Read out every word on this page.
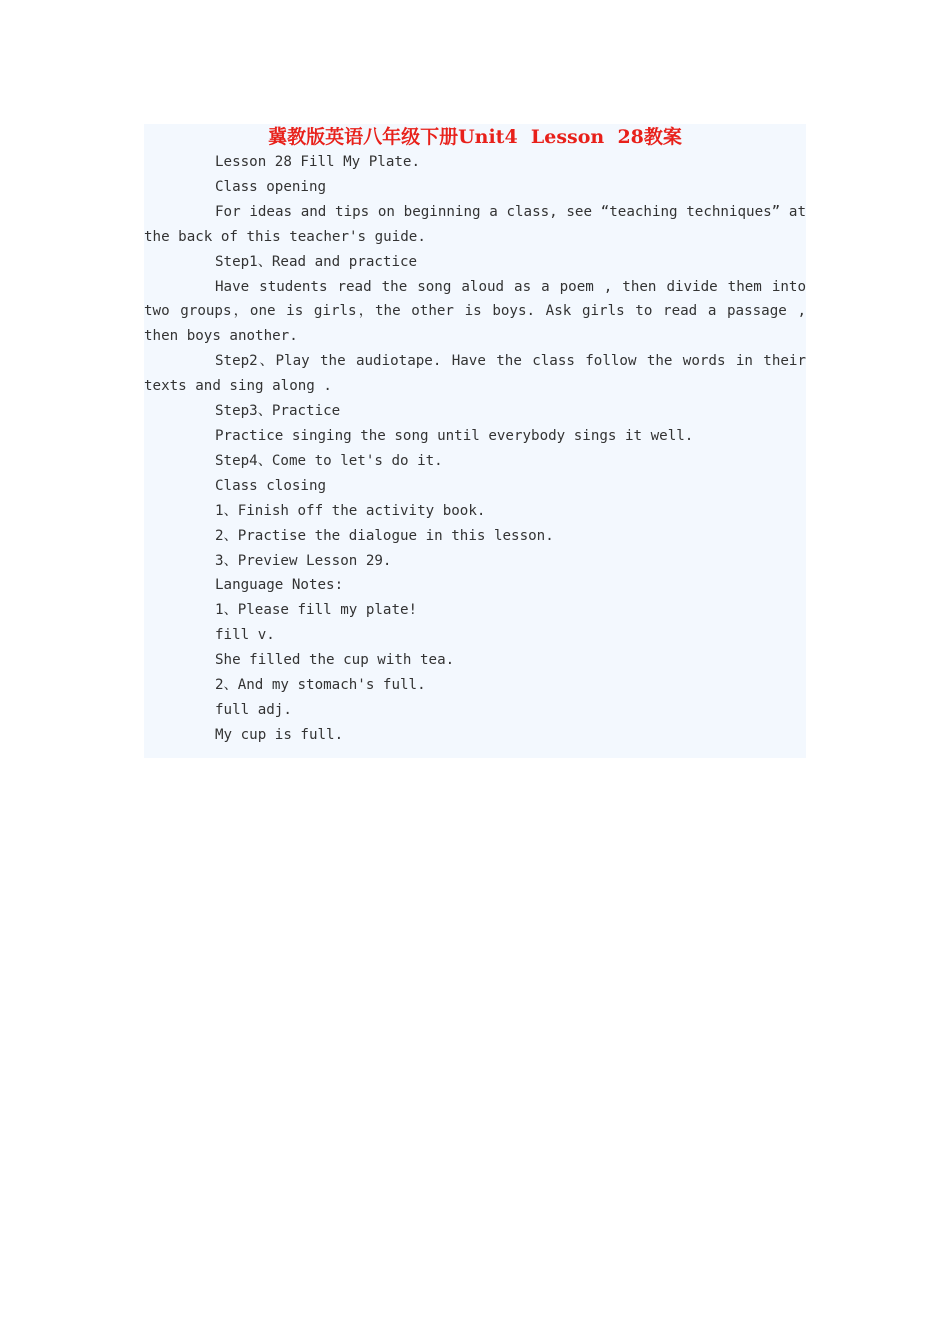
冀教版英语八年级下册Unit4  Lesson  28教案

Lesson 28 Fill My Plate.

Class opening

For ideas and tips on beginning a class, see “teaching techniques” at the back of this teacher's guide.

Step1、Read and practice

Have students read the song aloud as a poem , then divide them into two groups，one is girls，the other is boys. Ask girls to read a passage , then boys another.

Step2、Play the audiotape. Have the class follow the words in their texts and sing along .

Step3、Practice

Practice singing the song until everybody sings it well.

Step4、Come to let's do it.

Class closing

1、Finish off the activity book.

2、Practise the dialogue in this lesson.

3、Preview Lesson 29.

Language Notes:

1、Please fill my plate!

fill v.

She filled the cup with tea.

2、And my stomach's full.

full adj.

My cup is full.
